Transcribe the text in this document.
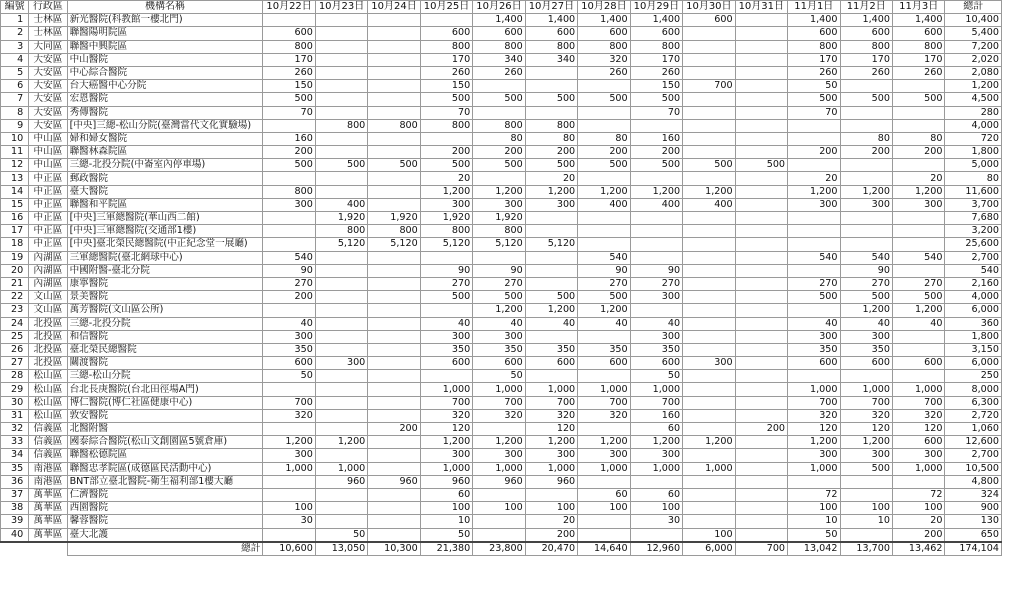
編號	行政區	機構名稱	10月22日	10月23日	10月24日	10月25日	10月26日	10月27日	10月28日	10月29日	10月30日	10月31日	11月1日	11月2日	11月3日	總計
1	士林區	新光醫院(科教館一樓北門)					1,400	1,400	1,400	1,400	600		1,400	1,400	1,400	10,400
2	士林區	聯醫陽明院區	600			600	600	600	600	600			600	600	600	5,400
3	大同區	聯醫中興院區	800			800	800	800	800	800			800	800	800	7,200
4	大安區	中山醫院	170			170	340	340	320	170			170	170	170	2,020
5	大安區	中心綜合醫院	260			260	260		260	260			260	260	260	2,080
6	大安區	台大癌醫中心分院	150			150				150	700		50			1,200
7	大安區	宏恩醫院	500			500	500	500	500	500			500	500	500	4,500
8	大安區	秀傳醫院	70			70				70			70			280
9	大安區	[中央]三總-松山分院(臺灣當代文化實驗場)		800	800	800	800	800								4,000
10	中山區	婦和婦女醫院	160				80	80	80	160				80	80	720
11	中山區	聯醫林森院區	200			200	200	200	200	200			200	200	200	1,800
12	中山區	三總-北投分院(中崙室內停車場)	500	500	500	500	500	500	500	500	500	500				5,000
13	中正區	郵政醫院				20		20					20		20	80
14	中正區	臺大醫院	800			1,200	1,200	1,200	1,200	1,200	1,200		1,200	1,200	1,200	11,600
15	中正區	聯醫和平院區	300	400		300	300	300	400	400	400		300	300	300	3,700
16	中正區	[中央]三軍總醫院(華山西二館)		1,920	1,920	1,920	1,920									7,680
17	中正區	[中央]三軍總醫院(交通部1樓)		800	800	800	800									3,200
18	中正區	[中央]臺北榮民總醫院(中正紀念堂一展廳)		5,120	5,120	5,120	5,120	5,120								25,600
19	內湖區	三軍總醫院(臺北網球中心)	540						540				540	540	540	2,700
20	內湖區	中國附醫-臺北分院	90			90	90		90	90				90		540
21	內湖區	康寧醫院	270			270	270		270	270			270	270	270	2,160
22	文山區	景美醫院	200			500	500	500	500	300			500	500	500	4,000
23	文山區	萬芳醫院(文山區公所)					1,200	1,200	1,200					1,200	1,200	6,000
24	北投區	三總-北投分院	40			40	40	40	40	40			40	40	40	360
25	北投區	和信醫院	300			300	300			300			300	300		1,800
26	北投區	臺北榮民總醫院	350			350	350	350	350	350			350	350		3,150
27	北投區	關渡醫院	600	300		600	600	600	600	600	300		600	600	600	6,000
28	松山區	三總-松山分院	50				50			50						250
29	松山區	台北長庚醫院(台北田徑場A門)				1,000	1,000	1,000	1,000	1,000			1,000	1,000	1,000	8,000
30	松山區	博仁醫院(博仁社區健康中心)	700			700	700	700	700	700			700	700	700	6,300
31	松山區	敦安醫院	320			320	320	320	320	160			320	320	320	2,720
32	信義區	北醫附醫			200	120		120		60		200	120	120	120	1,060
33	信義區	國泰綜合醫院(松山文創園區5號倉庫)	1,200	1,200		1,200	1,200	1,200	1,200	1,200	1,200		1,200	1,200	600	12,600
34	信義區	聯醫松德院區	300			300	300	300	300	300			300	300	300	2,700
35	南港區	聯醫忠孝院區(成德區民活動中心)	1,000	1,000		1,000	1,000	1,000	1,000	1,000	1,000		1,000	500	1,000	10,500
36	南港區	BNT部立臺北醫院-衛生福利部1樓大廳		960	960	960	960	960								4,800
37	萬華區	仁濟醫院				60			60	60			72		72	324
38	萬華區	西園醫院	100			100	100	100	100	100			100	100	100	900
39	萬華區	馨蓉醫院	30			10		20		30			10	10	20	130
40	萬華區	臺大北護		50		50		200			100		50		200	650
		總計	10,600	13,050	10,300	21,380	23,800	20,470	14,640	12,960	6,000	700	13,042	13,700	13,462	174,104
